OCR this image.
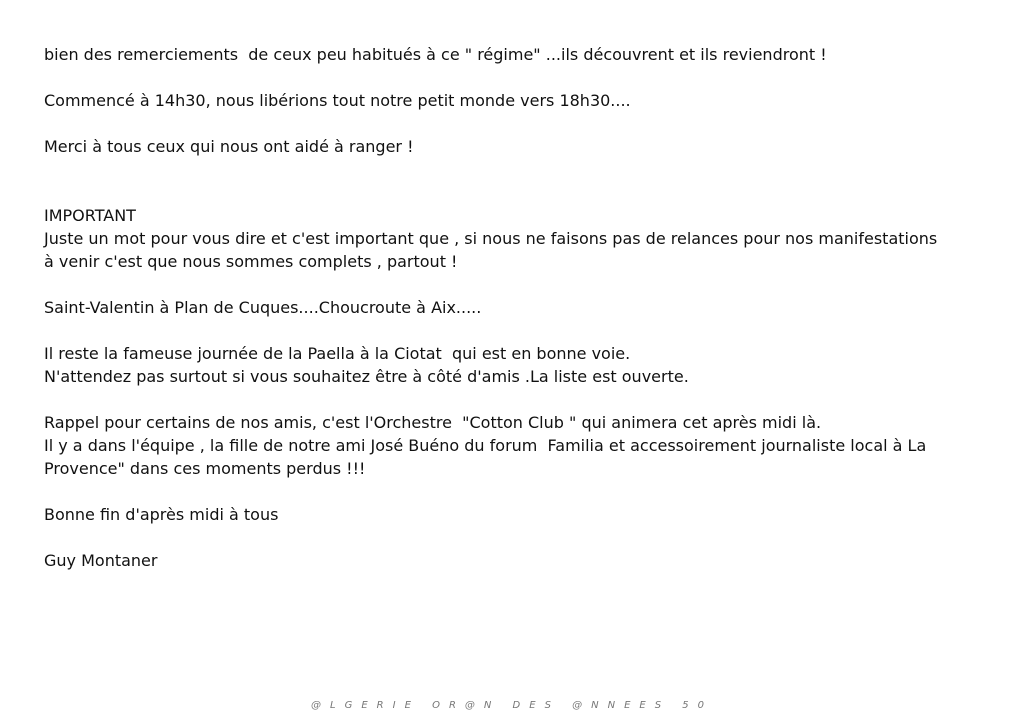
bien des remerciements  de ceux peu habitués à ce " régime" ...ils découvrent et ils reviendront !
Commencé à 14h30, nous libérions tout notre petit monde vers 18h30....
Merci à tous ceux qui nous ont aidé à ranger !
IMPORTANT
Juste un mot pour vous dire et c'est important que , si nous ne faisons pas de relances pour nos manifestations
à venir c'est que nous sommes complets , partout !
Saint-Valentin à Plan de Cuques....Choucroute à Aix.....
Il reste la fameuse journée de la Paella à la Ciotat  qui est en bonne voie.
N'attendez pas surtout si vous souhaitez être à côté d'amis .La liste est ouverte.
Rappel pour certains de nos amis, c'est l'Orchestre  "Cotton Club " qui animera cet après midi là.
Il y a dans l'équipe , la fille de notre ami José Buéno du forum  Familia et accessoirement journaliste local à La
Provence" dans ces moments perdus !!!
Bonne fin d'après midi à tous
Guy Montaner
@LGERIE OR@N DES @NNEES 50
